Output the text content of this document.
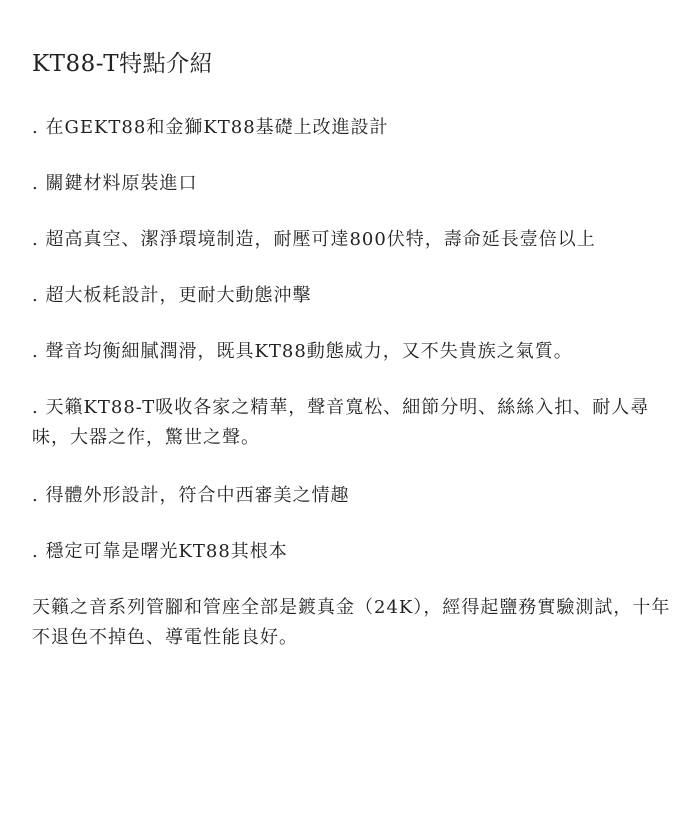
KT88-T特點介紹
. 在GEKT88和金獅KT88基礎上改進設計
. 關鍵材料原裝進口
. 超高真空、潔淨環境制造，耐壓可達800伏特，壽命延長壹倍以上
. 超大板耗設計，更耐大動態沖擊
. 聲音均衡細膩潤滑，既具KT88動態威力，又不失貴族之氣質。
. 天籟KT88-T吸收各家之精華，聲音寬松、細節分明、絲絲入扣、耐人尋味，大器之作，驚世之聲。
. 得體外形設計，符合中西審美之情趣
. 穩定可靠是曙光KT88其根本
天籟之音系列管腳和管座全部是鍍真金（24K），經得起鹽務實驗測試，十年不退色不掉色、導電性能良好。
